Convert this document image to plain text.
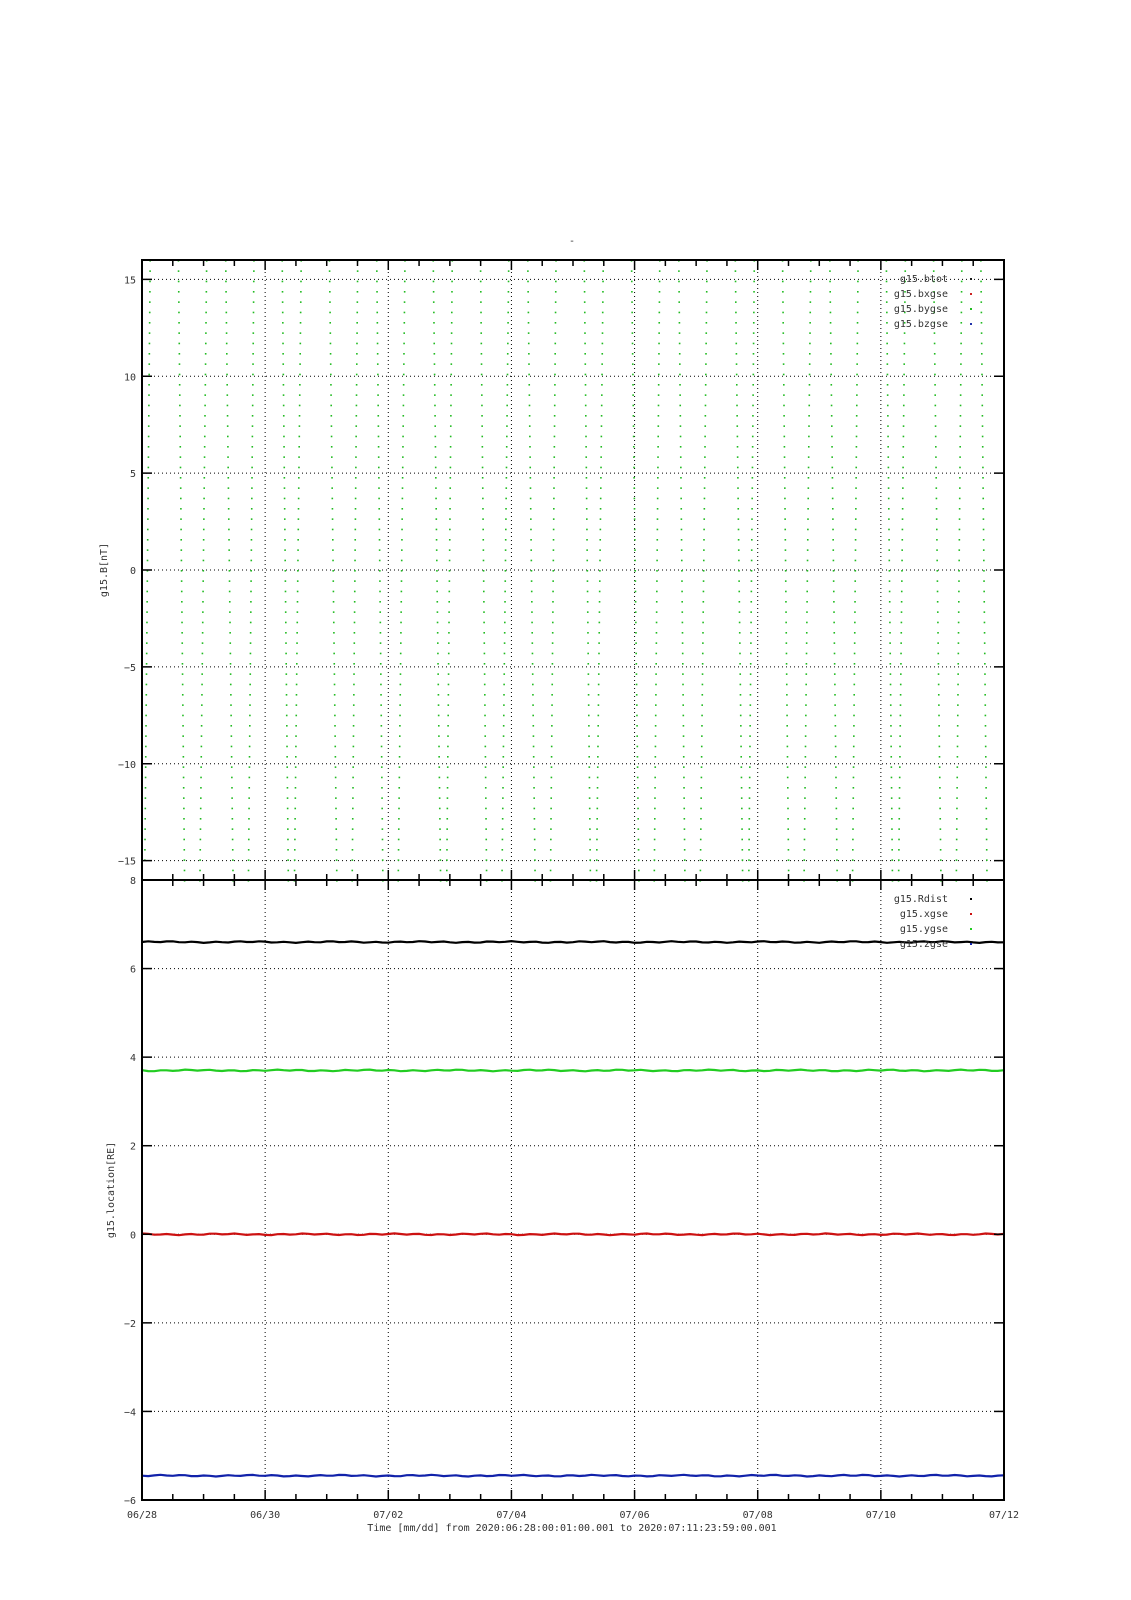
-
−15
−10
−5
0
5
10
15
g15.B[nT]
g15.btot
g15.bxgse
g15.bygse
g15.bzgse
−6
−4
−2
0
2
4
6
8
g15.location[RE]
g15.Rdist
g15.xgse
g15.ygse
g15.zgse
06/28	06/30	07/02	07/04	07/06	07/08	07/10	07/12
Time [mm/dd] from 2020:06:28:00:01:00.001 to 2020:07:11:23:59:00.001
